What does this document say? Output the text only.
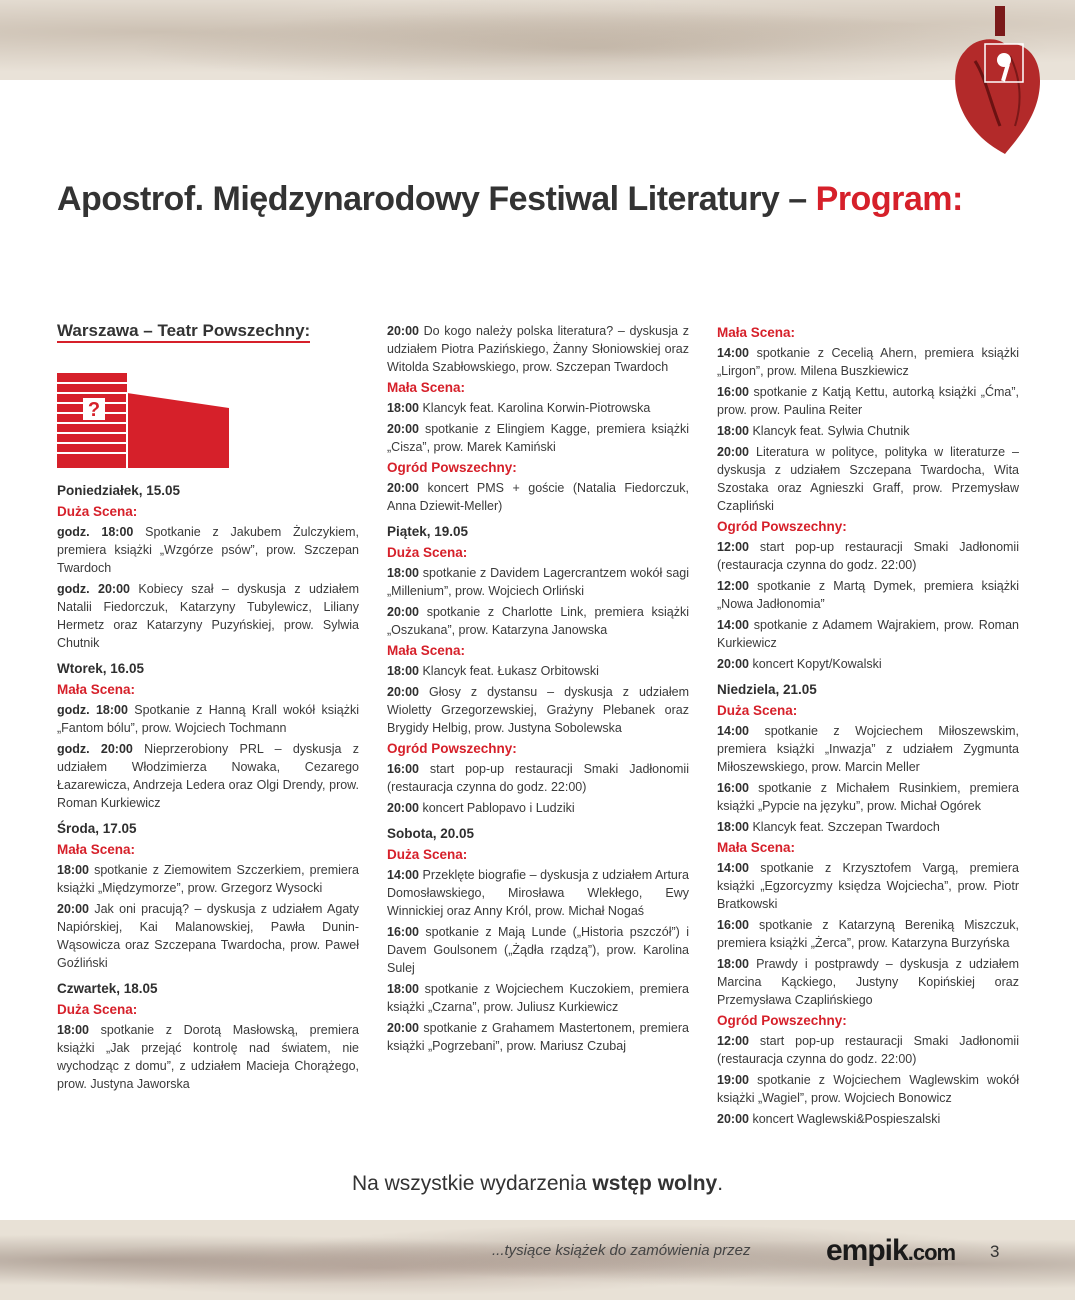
Apostrof. Międzynarodowy Festiwal Literatury – Program:
Warszawa – Teatr Powszechny:
?
Poniedziałek, 15.05
Duża Scena:
godz. 18:00 Spotkanie z Jakubem Żulczykiem, premiera książki „Wzgórze psów”, prow. Szczepan Twardoch
godz. 20:00 Kobiecy szał – dyskusja z udziałem Natalii Fiedorczuk, Katarzyny Tubylewicz, Liliany Hermetz oraz Katarzyny Puzyńskiej, prow. Sylwia Chutnik
Wtorek, 16.05
Mała Scena:
godz. 18:00 Spotkanie z Hanną Krall wokół książki „Fantom bólu”, prow. Wojciech Tochmann
godz. 20:00 Nieprzerobiony PRL – dyskusja z udziałem Włodzimierza Nowaka, Cezarego Łazarewicza, Andrzeja Ledera oraz Olgi Drendy, prow. Roman Kurkiewicz
Środa, 17.05
Mała Scena:
18:00 spotkanie z Ziemowitem Szczerkiem, premiera książki „Międzymorze”, prow. Grzegorz Wysocki
20:00 Jak oni pracują? – dyskusja z udziałem Agaty Napiórskiej, Kai Malanowskiej, Pawła Dunin-Wąsowicza oraz Szczepana Twardocha, prow. Paweł Goźliński
Czwartek, 18.05
Duża Scena:
18:00 spotkanie z Dorotą Masłowską, premiera książki „Jak przejąć kontrolę nad światem, nie wychodząc z domu”, z udziałem Macieja Chorążego, prow. Justyna Jaworska
20:00 Do kogo należy polska literatura? – dyskusja z udziałem Piotra Pazińskiego, Żanny Słoniowskiej oraz Witolda Szabłowskiego, prow. Szczepan Twardoch
Mała Scena:
18:00 Klancyk feat. Karolina Korwin-Piotrowska
20:00 spotkanie z Elingiem Kagge, premiera książki „Cisza”, prow. Marek Kamiński
Ogród Powszechny:
20:00 koncert PMS + goście (Natalia Fiedorczuk, Anna Dziewit-Meller)
Piątek, 19.05
Duża Scena:
18:00 spotkanie z Davidem Lagercrantzem wokół sagi „Millenium”, prow. Wojciech Orliński
20:00 spotkanie z Charlotte Link, premiera książki „Oszukana”, prow. Katarzyna Janowska
Mała Scena:
18:00 Klancyk feat. Łukasz Orbitowski
20:00 Głosy z dystansu – dyskusja z udziałem Wioletty Grzegorzewskiej, Grażyny Plebanek oraz Brygidy Helbig, prow. Justyna Sobolewska
Ogród Powszechny:
16:00 start pop-up restauracji Smaki Jadłonomii (restauracja czynna do godz. 22:00)
20:00 koncert Pablopavo i Ludziki
Sobota, 20.05
Duża Scena:
14:00 Przeklęte biografie – dyskusja z udziałem Artura Domosławskiego, Mirosława Wlekłego, Ewy Winnickiej oraz Anny Król, prow. Michał Nogaś
16:00 spotkanie z Mają Lunde („Historia pszczół”) i Davem Goulsonem („Żądła rządzą”), prow. Karolina Sulej
18:00 spotkanie z Wojciechem Kuczokiem, premiera książki „Czarna”, prow. Juliusz Kurkiewicz
20:00 spotkanie z Grahamem Mastertonem, premiera książki „Pogrzebani”, prow. Mariusz Czubaj
Mała Scena:
14:00 spotkanie z Cecelią Ahern, premiera książki „Lirgon”, prow. Milena Buszkiewicz
16:00 spotkanie z Katją Kettu, autorką książki „Ćma”, prow. prow. Paulina Reiter
18:00 Klancyk feat. Sylwia Chutnik
20:00 Literatura w polityce, polityka w literaturze – dyskusja z udziałem Szczepana Twardocha, Wita Szostaka oraz Agnieszki Graff, prow. Przemysław Czapliński
Ogród Powszechny:
12:00 start pop-up restauracji Smaki Jadłonomii (restauracja czynna do godz. 22:00)
12:00 spotkanie z Martą Dymek, premiera książki „Nowa Jadłonomia”
14:00 spotkanie z Adamem Wajrakiem, prow. Roman Kurkiewicz
20:00 koncert Kopyt/Kowalski
Niedziela, 21.05
Duża Scena:
14:00 spotkanie z Wojciechem Miłoszewskim, premiera książki „Inwazja” z udziałem Zygmunta Miłoszewskiego, prow. Marcin Meller
16:00 spotkanie z Michałem Rusinkiem, premiera książki „Pypcie na języku”, prow. Michał Ogórek
18:00 Klancyk feat. Szczepan Twardoch
Mała Scena:
14:00 spotkanie z Krzysztofem Vargą, premiera książki „Egzorcyzmy księdza Wojciecha”, prow. Piotr Bratkowski
16:00 spotkanie z Katarzyną Bereniką Miszczuk, premiera książki „Żerca”, prow. Katarzyna Burzyńska
18:00 Prawdy i postprawdy – dyskusja z udziałem Marcina Kąckiego, Justyny Kopińskiej oraz Przemysława Czaplińskiego
Ogród Powszechny:
12:00 start pop-up restauracji Smaki Jadłonomii (restauracja czynna do godz. 22:00)
19:00 spotkanie z Wojciechem Waglewskim wokół książki „Wagiel”, prow. Wojciech Bonowicz
20:00 koncert Waglewski&Pospieszalski
Na wszystkie wydarzenia wstęp wolny.
...tysiące książek do zamówienia przez	empik.com 3
